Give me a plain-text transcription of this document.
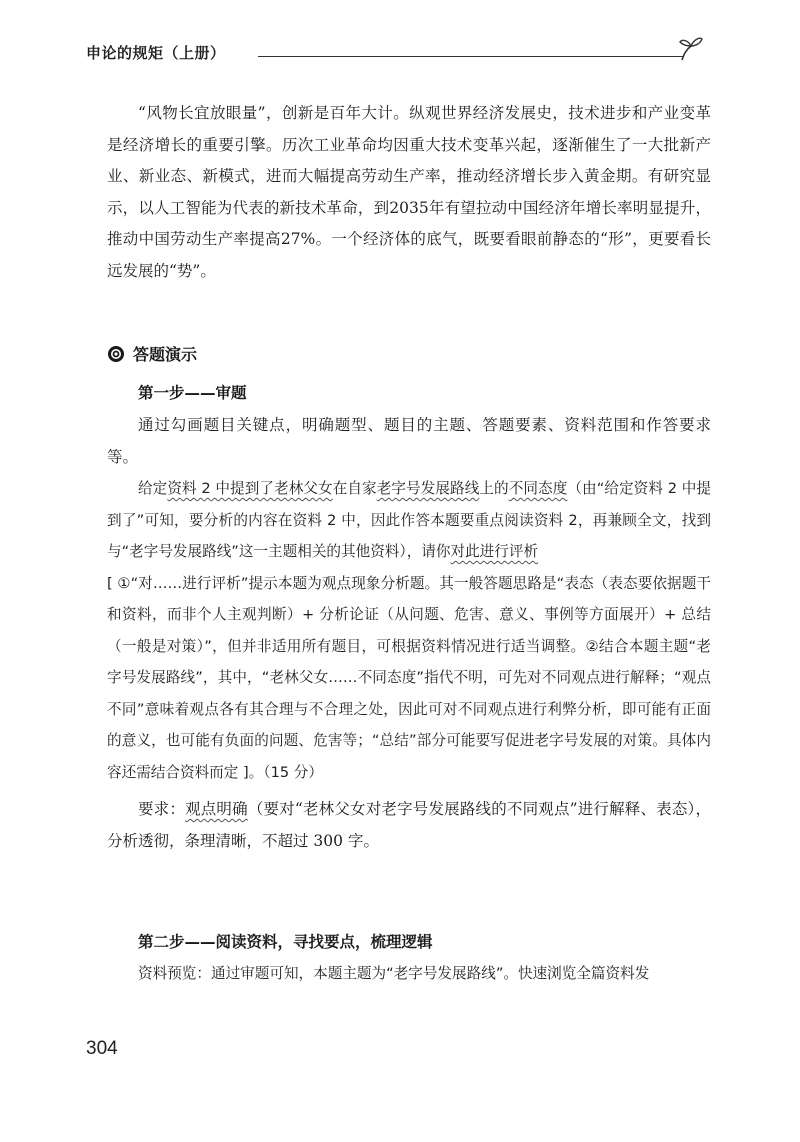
申论的规矩（上册）

“风物长宜放眼量”，创新是百年大计。纵观世界经济发展史，技术进步和产业变革是经济增长的重要引擎。历次工业革命均因重大技术变革兴起，逐渐催生了一大批新产业、新业态、新模式，进而大幅提高劳动生产率，推动经济增长步入黄金期。有研究显示，以人工智能为代表的新技术革命，到2035年有望拉动中国经济年增长率明显提升，推动中国劳动生产率提高27%。一个经济体的底气，既要看眼前静态的“形”，更要看长远发展的“势”。

答题演示
第一步——审题

通过勾画题目关键点，明确题型、题目的主题、答题要素、资料范围和作答要求等。

给定资料 2 中提到了老林父女在自家老字号发展路线上的不同态度（由“给定资料 2 中提到了”可知，要分析的内容在资料 2 中，因此作答本题要重点阅读资料 2，再兼顾全文，找到与“老字号发展路线”这一主题相关的其他资料），请你对此进行评析

[ ①“对……进行评析”提示本题为观点现象分析题。其一般答题思路是“表态（表态要依据题干和资料，而非个人主观判断）+ 分析论证（从问题、危害、意义、事例等方面展开）+ 总结（一般是对策）”，但并非适用所有题目，可根据资料情况进行适当调整。②结合本题主题“老字号发展路线”，其中，“老林父女……不同态度”指代不明，可先对不同观点进行解释；“观点不同”意味着观点各有其合理与不合理之处，因此可对不同观点进行利弊分析，即可能有正面的意义，也可能有负面的问题、危害等；“总结”部分可能要写促进老字号发展的对策。具体内容还需结合资料而定 ]。（15 分）

要求：观点明确（要对“老林父女对老字号发展路线的不同观点”进行解释、表态），分析透彻，条理清晰，不超过 300 字。

第二步——阅读资料，寻找要点，梳理逻辑

资料预览：通过审题可知，本题主题为“老字号发展路线”。快速浏览全篇资料发

304
